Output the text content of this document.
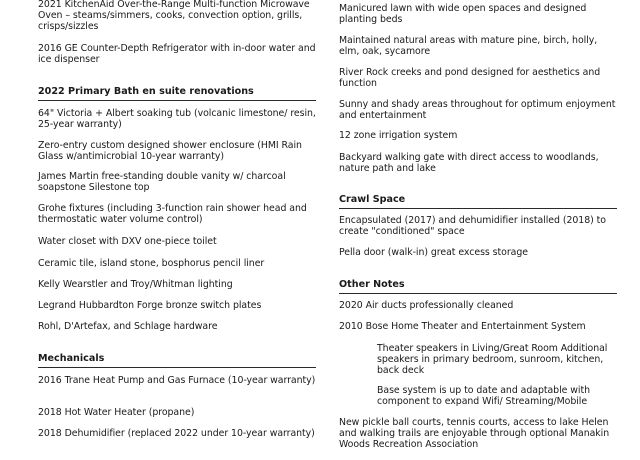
2021 KitchenAid Over-the-Range Multi-function Microwave Oven – steams/simmers, cooks, convection option, grills, crisps/sizzles
2016 GE Counter-Depth Refrigerator with in-door water and ice dispenser
2022 Primary Bath en suite renovations
64" Victoria + Albert soaking tub (volcanic limestone/ resin, 25-year warranty)
Zero-entry custom designed shower enclosure (HMI Rain Glass w/antimicrobial 10-year warranty)
James Martin free-standing double vanity w/ charcoal soapstone Silestone top
Grohe fixtures (including 3-function rain shower head and thermostatic water volume control)
Water closet with DXV one-piece toilet
Ceramic tile, island stone, bosphorus pencil liner
Kelly Wearstler and Troy/Whitman lighting
Legrand Hubbardton Forge bronze switch plates
Rohl, D'Artefax, and Schlage hardware
Mechanicals
2016 Trane Heat Pump and Gas Furnace (10-year warranty)
2018 Hot Water Heater (propane)
2018 Dehumidifier (replaced 2022 under 10-year warranty)
Manicured lawn with wide open spaces and designed planting beds
Maintained natural areas with mature pine, birch, holly, elm, oak, sycamore
River Rock creeks and pond designed for aesthetics and function
Sunny and shady areas throughout for optimum enjoyment and entertainment
12 zone irrigation system
Backyard walking gate with direct access to woodlands, nature path and lake
Crawl Space
Encapsulated (2017) and dehumidifier installed (2018) to create "conditioned" space
Pella door (walk-in) great excess storage
Other Notes
2020 Air ducts professionally cleaned
2010 Bose Home Theater and Entertainment System
Theater speakers in Living/Great Room Additional speakers in primary bedroom, sunroom, kitchen, back deck
Base system is up to date and adaptable with component to expand Wifi/ Streaming/Mobile
New pickle ball courts, tennis courts, access to lake Helen and walking trails are enjoyable through optional Manakin Woods Recreation Association
